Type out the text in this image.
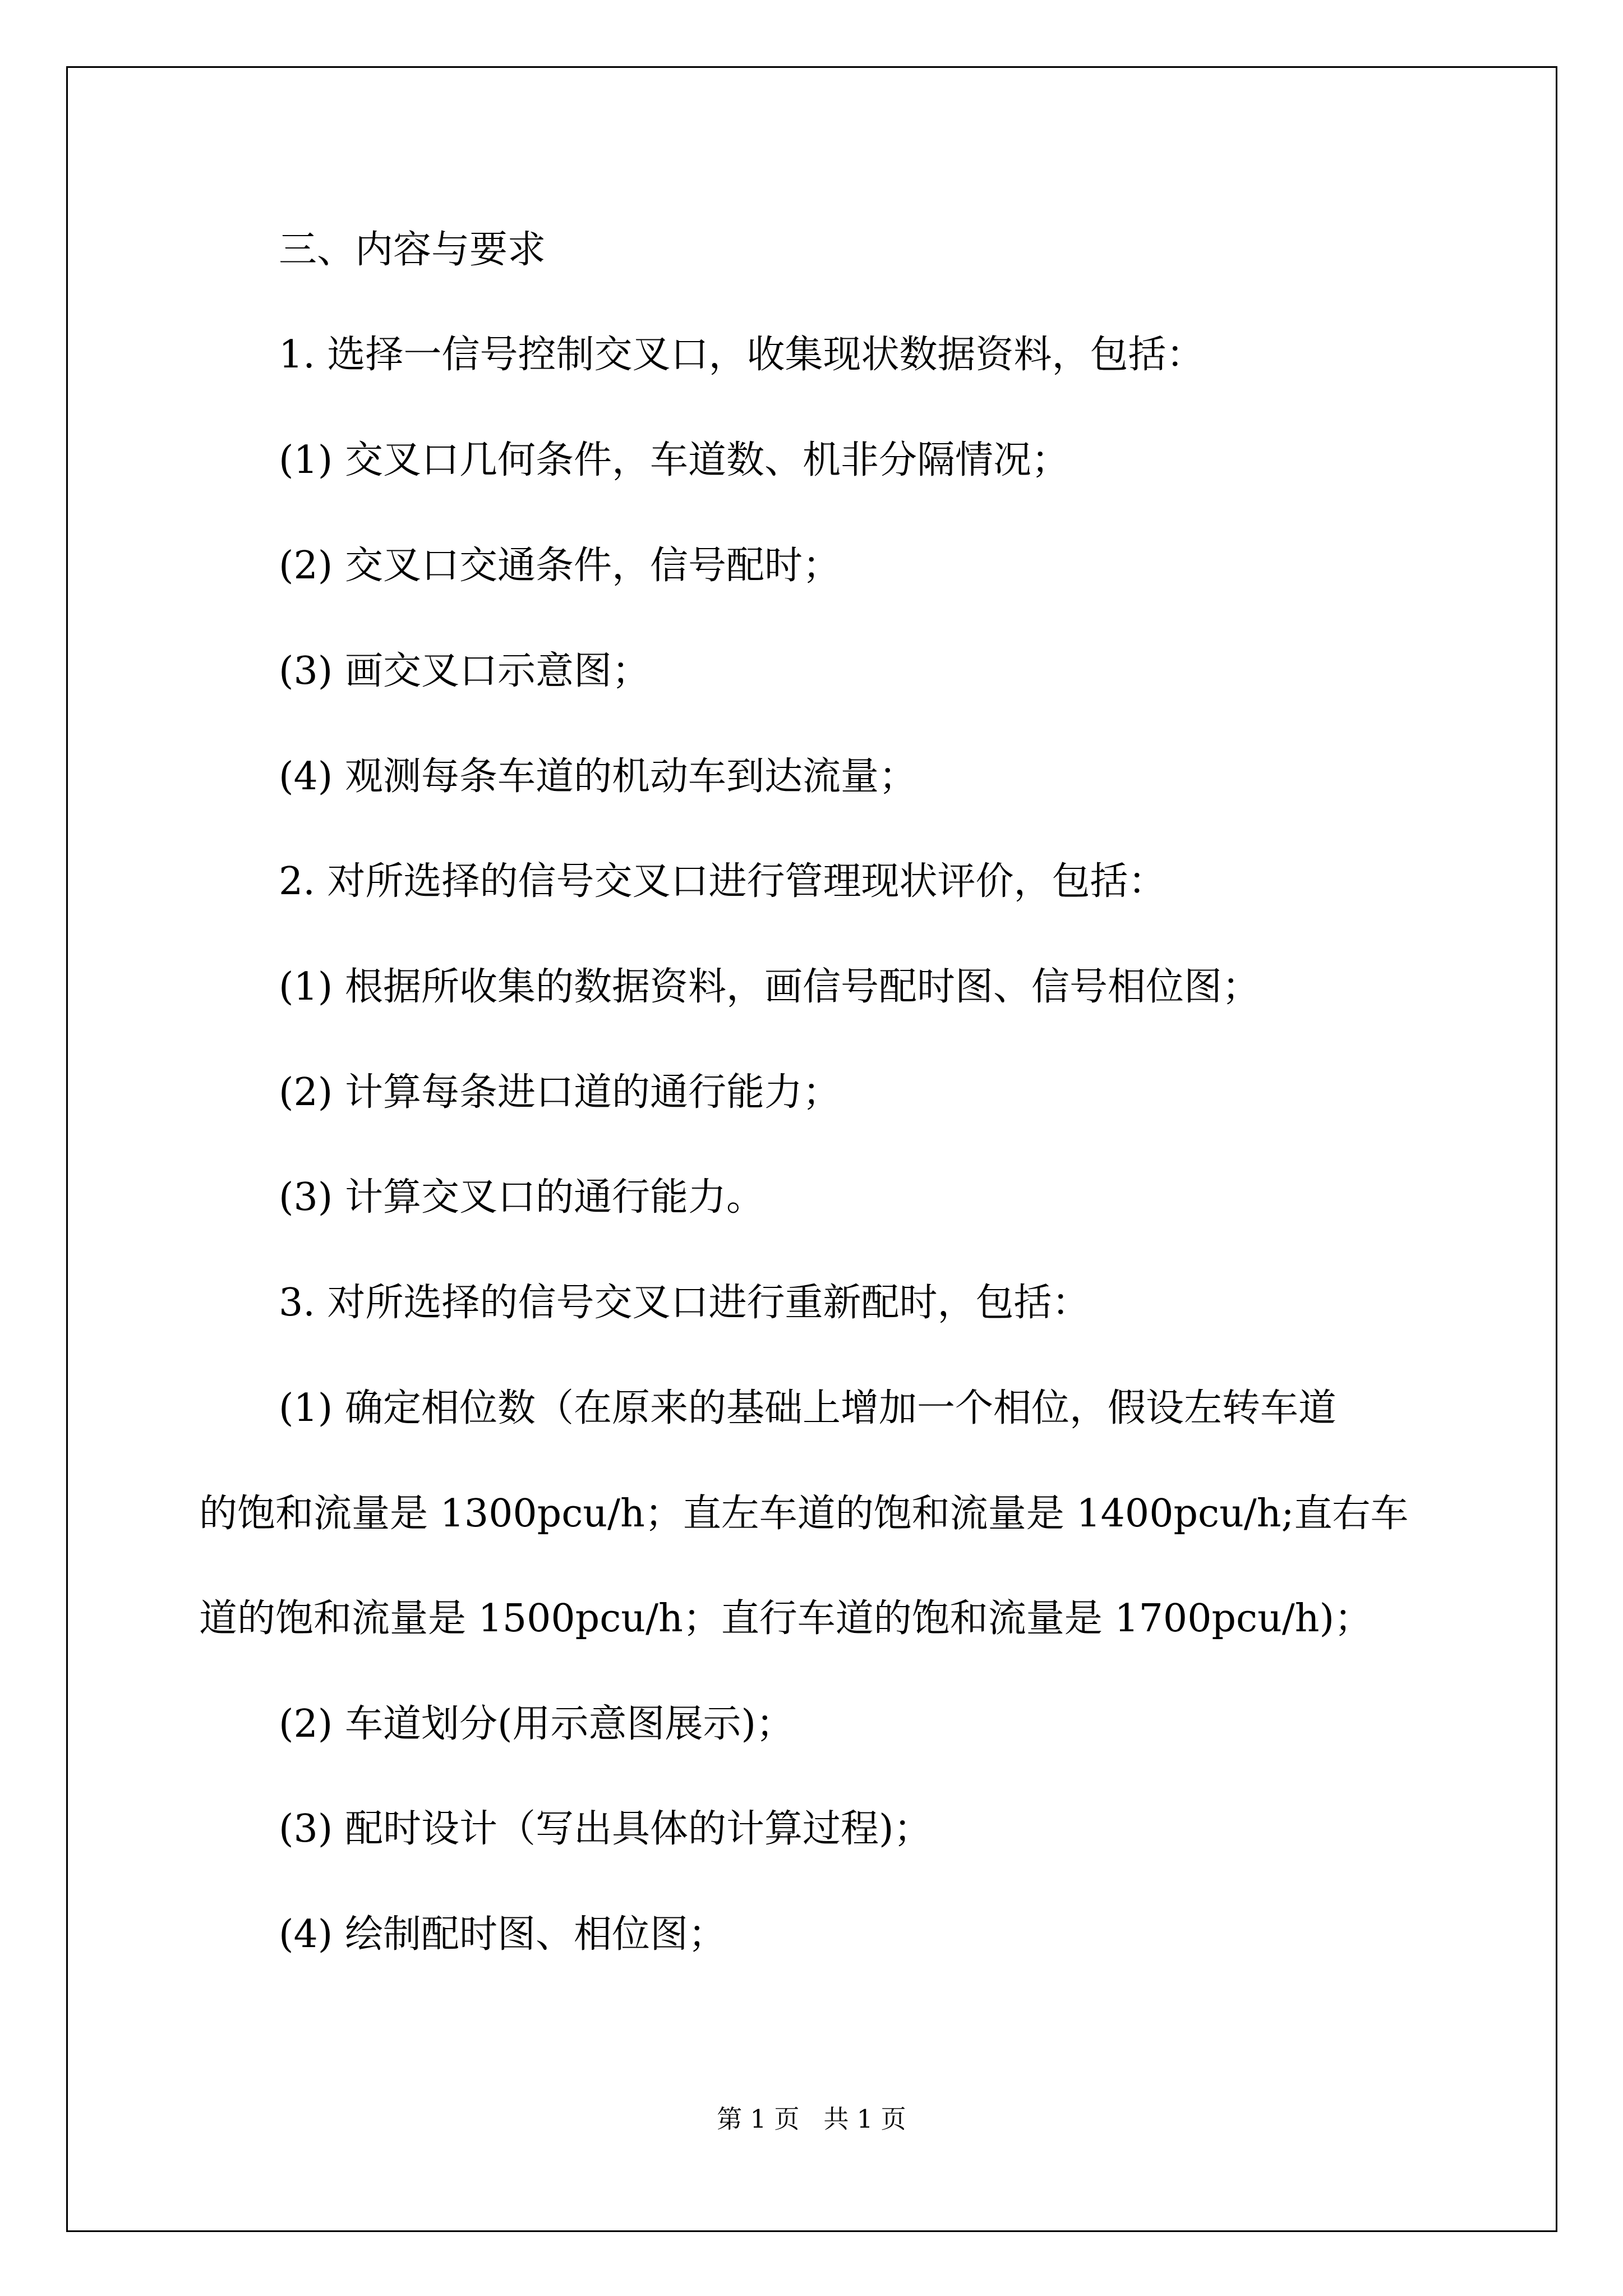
三、内容与要求

1. 选择一信号控制交叉口，收集现状数据资料，包括：

(1) 交叉口几何条件，车道数、机非分隔情况；

(2) 交叉口交通条件，信号配时；

(3) 画交叉口示意图；

(4) 观测每条车道的机动车到达流量；

2. 对所选择的信号交叉口进行管理现状评价，包括：

(1) 根据所收集的数据资料，画信号配时图、信号相位图；

(2) 计算每条进口道的通行能力；

(3) 计算交叉口的通行能力。

3. 对所选择的信号交叉口进行重新配时，包括：

(1) 确定相位数（在原来的基础上增加一个相位，假设左转车道

的饱和流量是 1300pcu/h；直左车道的饱和流量是 1400pcu/h;直右车

道的饱和流量是 1500pcu/h；直行车道的饱和流量是 1700pcu/h)；

(2) 车道划分(用示意图展示)；

(3) 配时设计（写出具体的计算过程)；

(4) 绘制配时图、相位图；

第 1 页   共 1 页
